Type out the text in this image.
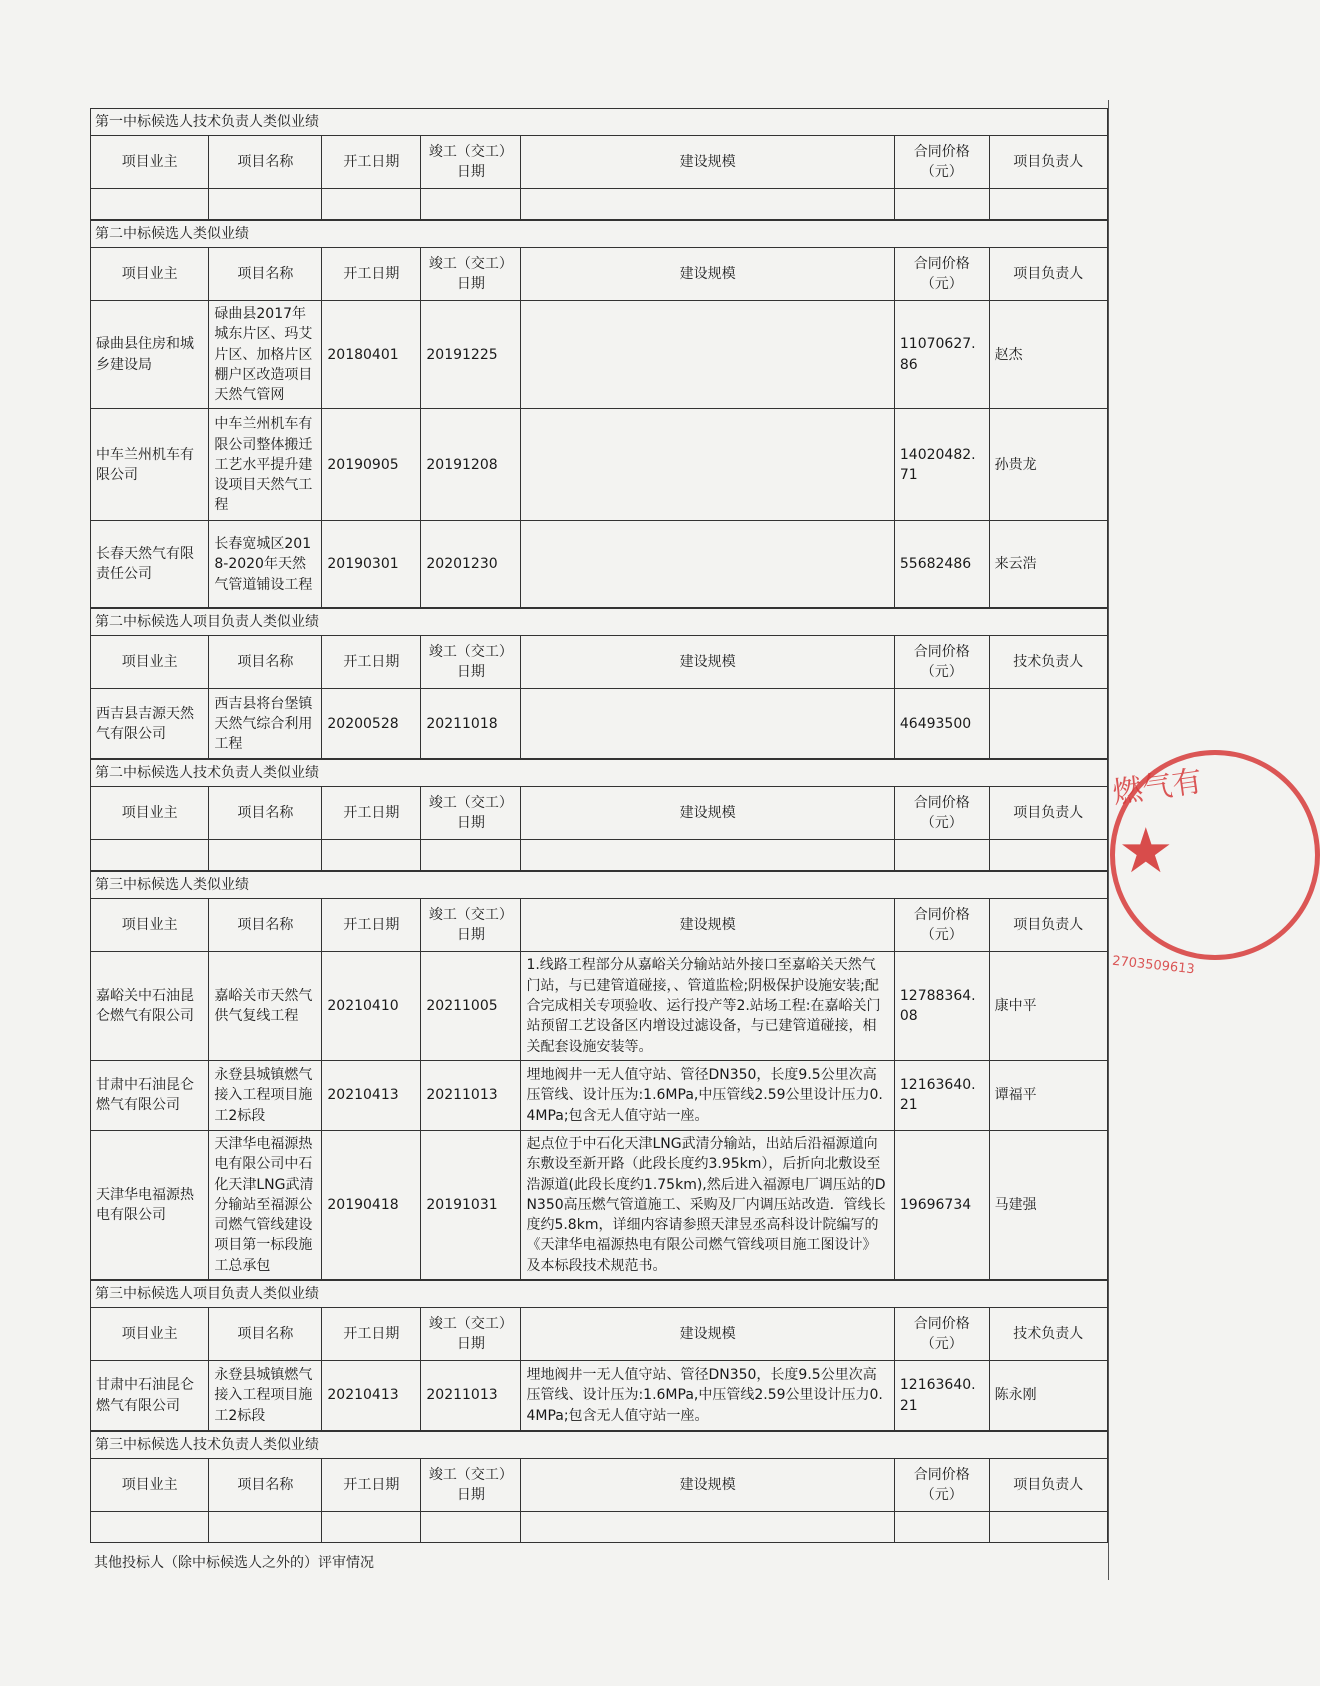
第一中标候选人技术负责人类似业绩
项目业主	项目名称	开工日期	竣工（交工）日期	建设规模	合同价格（元）	项目负责人

第二中标候选人类似业绩
项目业主	项目名称	开工日期	竣工（交工）日期	建设规模	合同价格（元）	项目负责人
碌曲县住房和城乡建设局	碌曲县2017年城东片区、玛艾片区、加格片区棚户区改造项目天然气管网	20180401	20191225		11070627.86	赵杰
中车兰州机车有限公司	中车兰州机车有限公司整体搬迁工艺水平提升建设项目天然气工程	20190905	20191208		14020482.71	孙贵龙
长春天然气有限责任公司	长春宽城区2018-2020年天然气管道铺设工程	20190301	20201230		55682486	来云浩
第二中标候选人项目负责人类似业绩
项目业主	项目名称	开工日期	竣工（交工）日期	建设规模	合同价格（元）	技术负责人
西吉县吉源天然气有限公司	西吉县将台堡镇天然气综合利用工程	20200528	20211018		46493500	
第二中标候选人技术负责人类似业绩
项目业主	项目名称	开工日期	竣工（交工）日期	建设规模	合同价格（元）	项目负责人

第三中标候选人类似业绩
项目业主	项目名称	开工日期	竣工（交工）日期	建设规模	合同价格（元）	项目负责人
嘉峪关中石油昆仑燃气有限公司	嘉峪关市天然气供气复线工程	20210410	20211005	1.线路工程部分从嘉峪关分输站站外接口至嘉峪关天然气门站，与已建管道碰接，、管道监检;阴极保护设施安装;配合完成相关专项验收、运行投产等2.站场工程:在嘉峪关门站预留工艺设备区内增设过滤设备，与已建管道碰接，相关配套设施安装等。	12788364.08	康中平
甘肃中石油昆仑燃气有限公司	永登县城镇燃气接入工程项目施工2标段	20210413	20211013	埋地阀井一无人值守站、管径DN350，长度9.5公里次高压管线、设计压为:1.6MPa,中压管线2.59公里设计压力0.4MPa;包含无人值守站一座。	12163640.21	谭福平
天津华电福源热电有限公司	天津华电福源热电有限公司中石化天津LNG武清分输站至福源公司燃气管线建设项目第一标段施工总承包	20190418	20191031	起点位于中石化天津LNG武清分输站，出站后沿福源道向东敷设至新开路（此段长度约3.95km），后折向北敷设至浩源道(此段长度约1.75km),然后进入福源电厂调压站的DN350高压燃气管道施工、采购及厂内调压站改造．管线长度约5.8km，详细内容请参照天津昱丞高科设计院编写的《天津华电福源热电有限公司燃气管线项目施工图设计》及本标段技术规范书。	19696734	马建强
第三中标候选人项目负责人类似业绩
项目业主	项目名称	开工日期	竣工（交工）日期	建设规模	合同价格（元）	技术负责人
甘肃中石油昆仑燃气有限公司	永登县城镇燃气接入工程项目施工2标段	20210413	20211013	埋地阀井一无人值守站、管径DN350，长度9.5公里次高压管线、设计压为:1.6MPa,中压管线2.59公里设计压力0.4MPa;包含无人值守站一座。	12163640.21	陈永刚
第三中标候选人技术负责人类似业绩
项目业主	项目名称	开工日期	竣工（交工）日期	建设规模	合同价格（元）	项目负责人

其他投标人（除中标候选人之外的）评审情况
燃气有
★
2703509613
